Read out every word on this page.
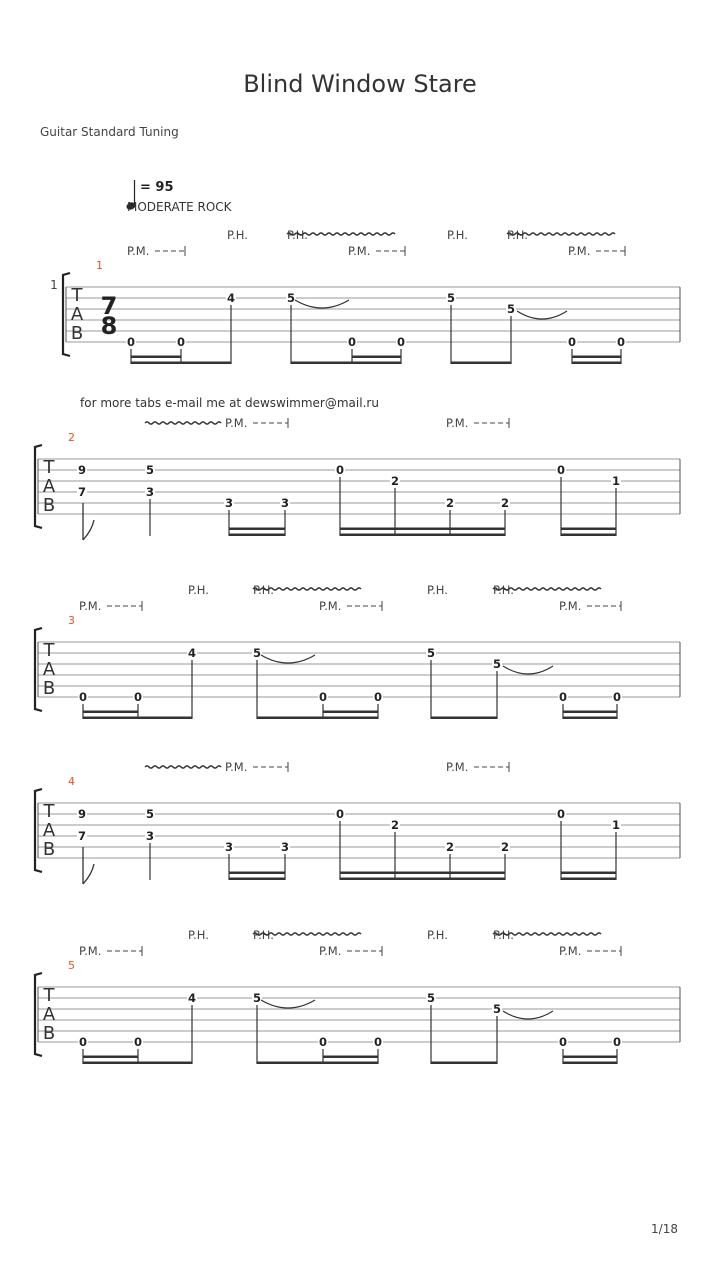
Blind Window Stare
Guitar Standard Tuning
= 95
MODERATE ROCK
for more tabs e-mail me at dewswimmer@mail.ru
T
A
B
1
0	0
4	5
0	0
5
5
0	0
P.M.	P.M.	P.M.
P.H.	P.H.	P.H.	P.H.
1
7
8
T
A
B
2
9
7
5
3
3	3
0
2
2	2
0
1
P.M.	P.M.
T
A
B
3
0	0
4	5
0	0
5
5
0	0
P.M.	P.M.	P.M.
P.H.	P.H.	P.H.	P.H.
T
A
B
4
9
7
5
3
3	3
0
2
2	2
0
1
P.M.	P.M.
T
A
B
5
0	0
4	5
0	0
5
5
0	0
P.M.	P.M.	P.M.
P.H.	P.H.	P.H.	P.H.
1/18
